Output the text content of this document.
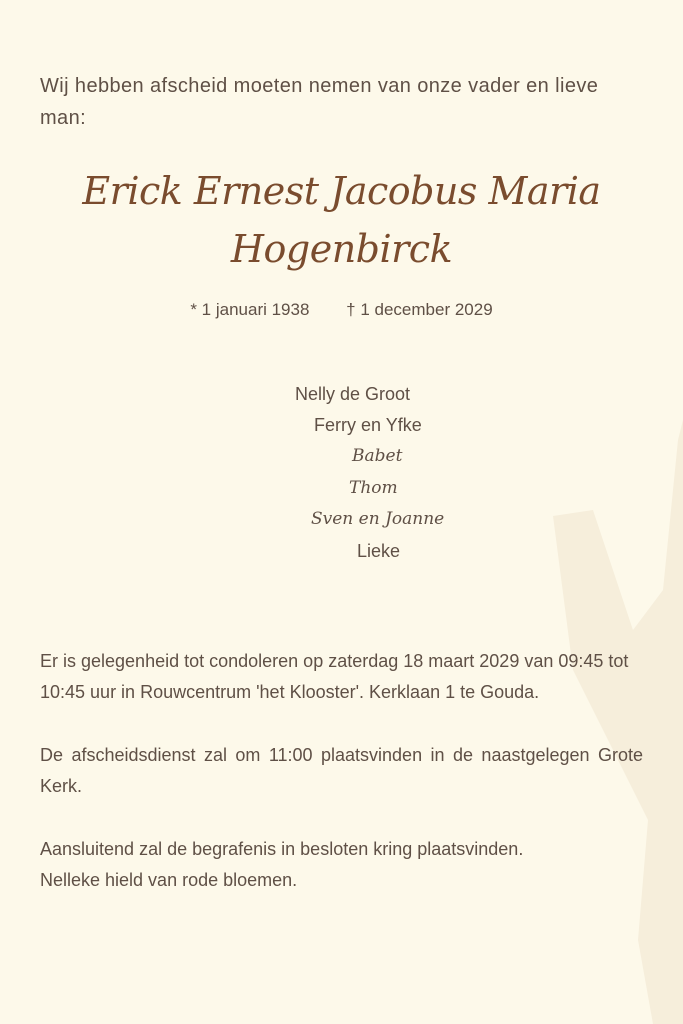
Wij hebben afscheid moeten nemen van onze vader en lieve man:

Erick Ernest Jacobus Maria
Hogenbirck
* 1 januari 1938 † 1 december 2029
Nelly de Groot
Ferry en Yfke
Babet
Thom
Sven en Joanne
Lieke

Er is gelegenheid tot condoleren op zaterdag 18 maart 2029 van 09:45 tot 10:45 uur in Rouwcentrum 'het Klooster'. Kerklaan 1 te Gouda.

De afscheidsdienst zal om 11:00 plaatsvinden in de naastgelegen Grote Kerk.

Aansluitend zal de begrafenis in besloten kring plaatsvinden.
Nelleke hield van rode bloemen.
